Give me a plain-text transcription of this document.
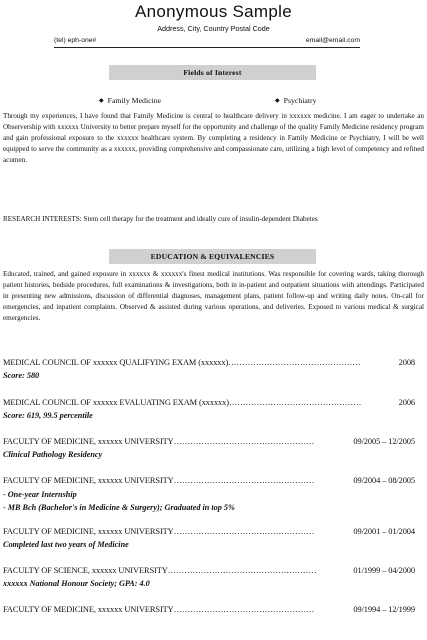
Anonymous Sample
Address, City, Country Postal Code
(tel) eph-one#	email@email.com
Fields of Interest
◆ Family Medicine	◆ Psychiatry

Through my experiences, I have found that Family Medicine is central to healthcare delivery in xxxxxx medicine. I am eager to undertake an Observership with xxxxxx University to better prepare myself for the opportunity and challenge of the quality Family Medicine residency program and gain professional exposure to the xxxxxx healthcare system. By completing a residency in Family Medicine or Psychiatry, I will be well equipped to serve the community as a xxxxxx, providing comprehensive and compassionate care, utilizing a high level of competency and refined acumen.

RESEARCH INTERESTS: Stem cell therapy for the treatment and ideally cure of insulin-dependent Diabetes

EDUCATION & EQUIVALENCIES

Educated, trained, and gained exposure in xxxxxx & xxxxxx's finest medical institutions. Was responsible for covering wards, taking thorough patient histories, bedside procedures, full examinations & investigations, both in in-patient and outpatient situations with attendings. Participated in presenting new admissions, discussion of differential diagnoses, management plans, patient follow-up and writing daily notes. On-call for emergencies, and inpatient complaints. Observed & assisted during various operations, and deliveries. Exposed to various medical & surgical emergencies.

MEDICAL COUNCIL OF xxxxxx QUALIFYING EXAM (xxxxxx)…………………………………………	2008
Score: 580
MEDICAL COUNCIL OF xxxxxx EVALUATING EXAM (xxxxxx)…………………………………………	2006
Score: 619, 99.5 percentile
FACULTY OF MEDICINE, xxxxxx UNIVERSITY……………………………………………	09/2005 – 12/2005
Clinical Pathology Residency
FACULTY OF MEDICINE, xxxxxx UNIVERSITY……………………………………………	09/2004 – 08/2005
- One-year Internship
- MB Bch (Bachelor's in Medicine & Surgery); Graduated in top 5%
FACULTY OF MEDICINE, xxxxxx UNIVERSITY……………………………………………	09/2001 – 01/2004
Completed last two years of Medicine
FACULTY OF SCIENCE, xxxxxx UNIVERSITY………………………………………………	01/1999 – 04/2000
xxxxxx National Honour Society; GPA: 4.0
FACULTY OF MEDICINE, xxxxxx UNIVERSITY……………………………………………	09/1994 – 12/1999
